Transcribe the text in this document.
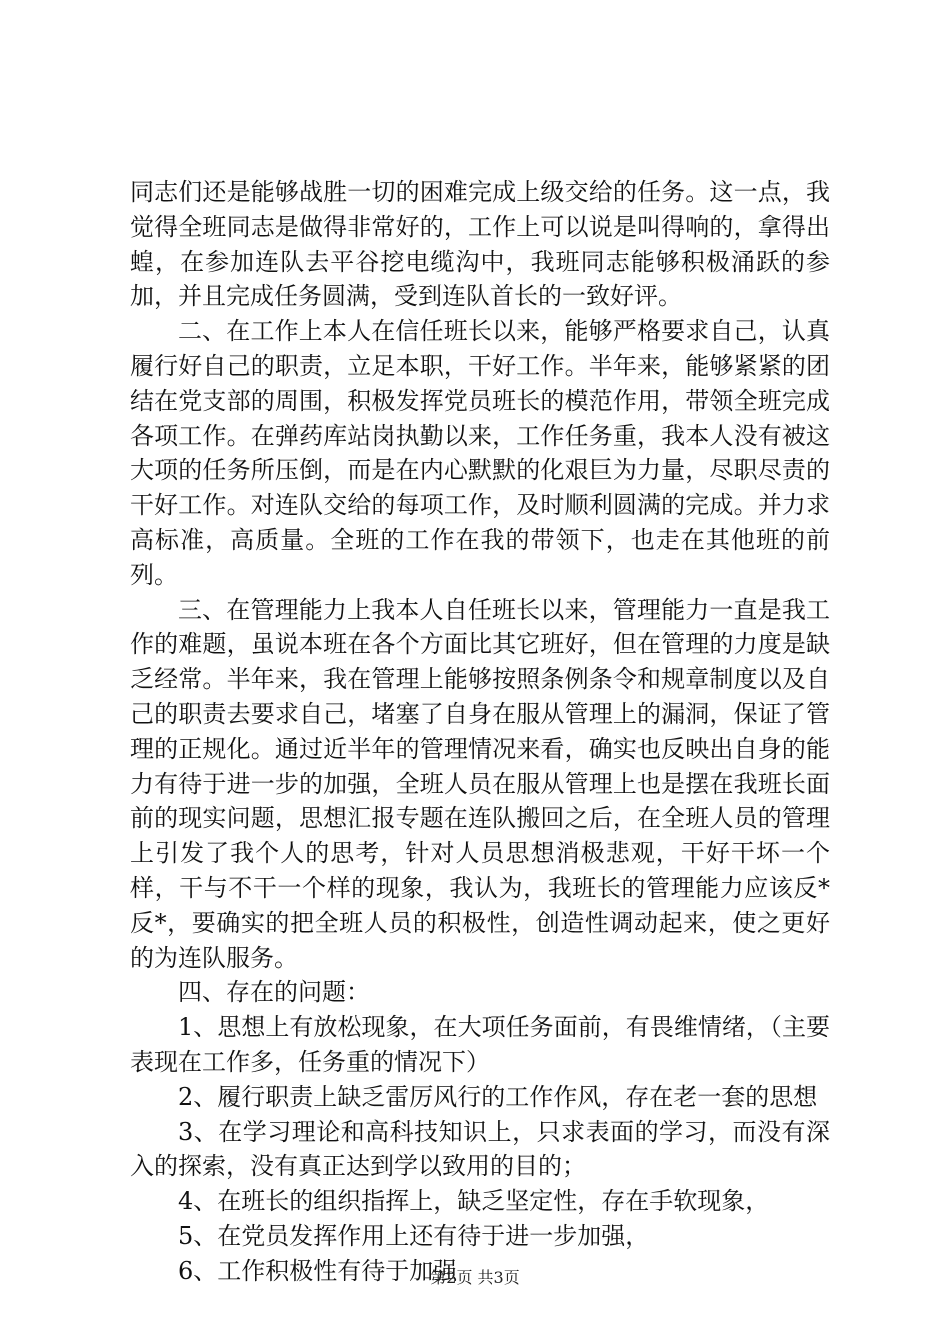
同志们还是能够战胜一切的困难完成上级交给的任务。这一点，我觉得全班同志是做得非常好的，工作上可以说是叫得响的，拿得出蝗，在参加连队去平谷挖电缆沟中，我班同志能够积极涌跃的参加，并且完成任务圆满，受到连队首长的一致好评。

二、在工作上本人在信任班长以来，能够严格要求自己，认真履行好自己的职责，立足本职，干好工作。半年来，能够紧紧的团结在党支部的周围，积极发挥党员班长的模范作用，带领全班完成各项工作。在弹药库站岗执勤以来，工作任务重，我本人没有被这大项的任务所压倒，而是在内心默默的化艰巨为力量，尽职尽责的干好工作。对连队交给的每项工作，及时顺利圆满的完成。并力求高标准，高质量。全班的工作在我的带领下，也走在其他班的前列。

三、在管理能力上我本人自任班长以来，管理能力一直是我工作的难题，虽说本班在各个方面比其它班好，但在管理的力度是缺乏经常。半年来，我在管理上能够按照条例条令和规章制度以及自己的职责去要求自己，堵塞了自身在服从管理上的漏洞，保证了管理的正规化。通过近半年的管理情况来看，确实也反映出自身的能力有待于进一步的加强，全班人员在服从管理上也是摆在我班长面前的现实问题，思想汇报专题在连队搬回之后，在全班人员的管理上引发了我个人的思考，针对人员思想消极悲观，干好干坏一个样，干与不干一个样的现象，我认为，我班长的管理能力应该反*反*，要确实的把全班人员的积极性，创造性调动起来，使之更好的为连队服务。

四、存在的问题：

1、思想上有放松现象，在大项任务面前，有畏维情绪，（主要表现在工作多，任务重的情况下）

2、履行职责上缺乏雷厉风行的工作作风，存在老一套的思想

3、在学习理论和高科技知识上，只求表面的学习，而没有深入的探索，没有真正达到学以致用的目的；

4、在班长的组织指挥上，缺乏坚定性，存在手软现象，

5、在党员发挥作用上还有待于进一步加强，

6、工作积极性有待于加强

第2页 共3页
